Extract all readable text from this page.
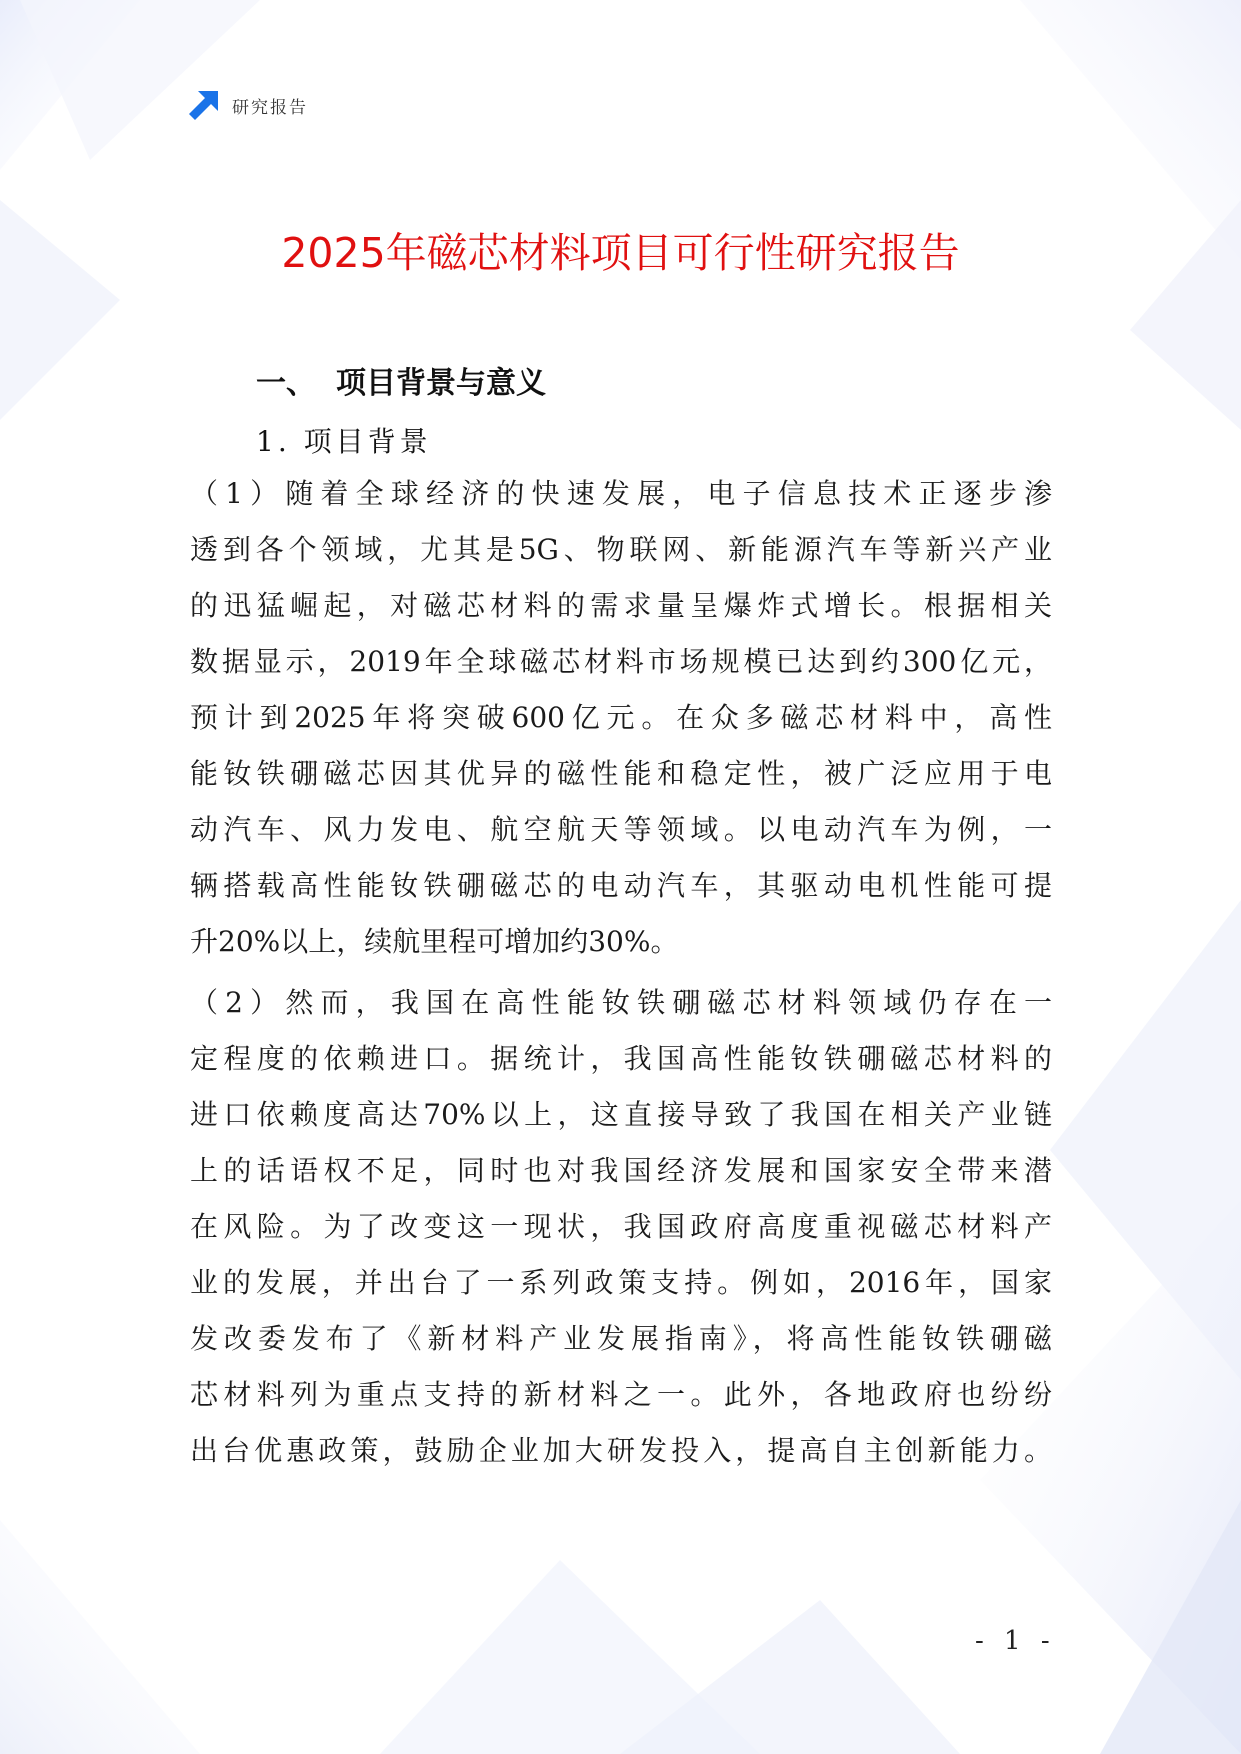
研究报告
2025年磁芯材料项目可行性研究报告
一、 项目背景与意义
1. 项目背景
（1）随着全球经济的快速发展，电子信息技术正逐步渗
透到各个领域，尤其是5G、物联网、新能源汽车等新兴产业
的迅猛崛起，对磁芯材料的需求量呈爆炸式增长。根据相关
数据显示，2019年全球磁芯材料市场规模已达到约300亿元，
预计到2025年将突破600亿元。在众多磁芯材料中，高性
能钕铁硼磁芯因其优异的磁性能和稳定性，被广泛应用于电
动汽车、风力发电、航空航天等领域。以电动汽车为例，一
辆搭载高性能钕铁硼磁芯的电动汽车，其驱动电机性能可提
升20%以上，续航里程可增加约30%。
（2）然而，我国在高性能钕铁硼磁芯材料领域仍存在一
定程度的依赖进口。据统计，我国高性能钕铁硼磁芯材料的
进口依赖度高达70%以上，这直接导致了我国在相关产业链
上的话语权不足，同时也对我国经济发展和国家安全带来潜
在风险。为了改变这一现状，我国政府高度重视磁芯材料产
业的发展，并出台了一系列政策支持。例如，2016年，国家
发改委发布了《新材料产业发展指南》，将高性能钕铁硼磁
芯材料列为重点支持的新材料之一。此外，各地政府也纷纷
出台优惠政策，鼓励企业加大研发投入，提高自主创新能力。
- 1 -
